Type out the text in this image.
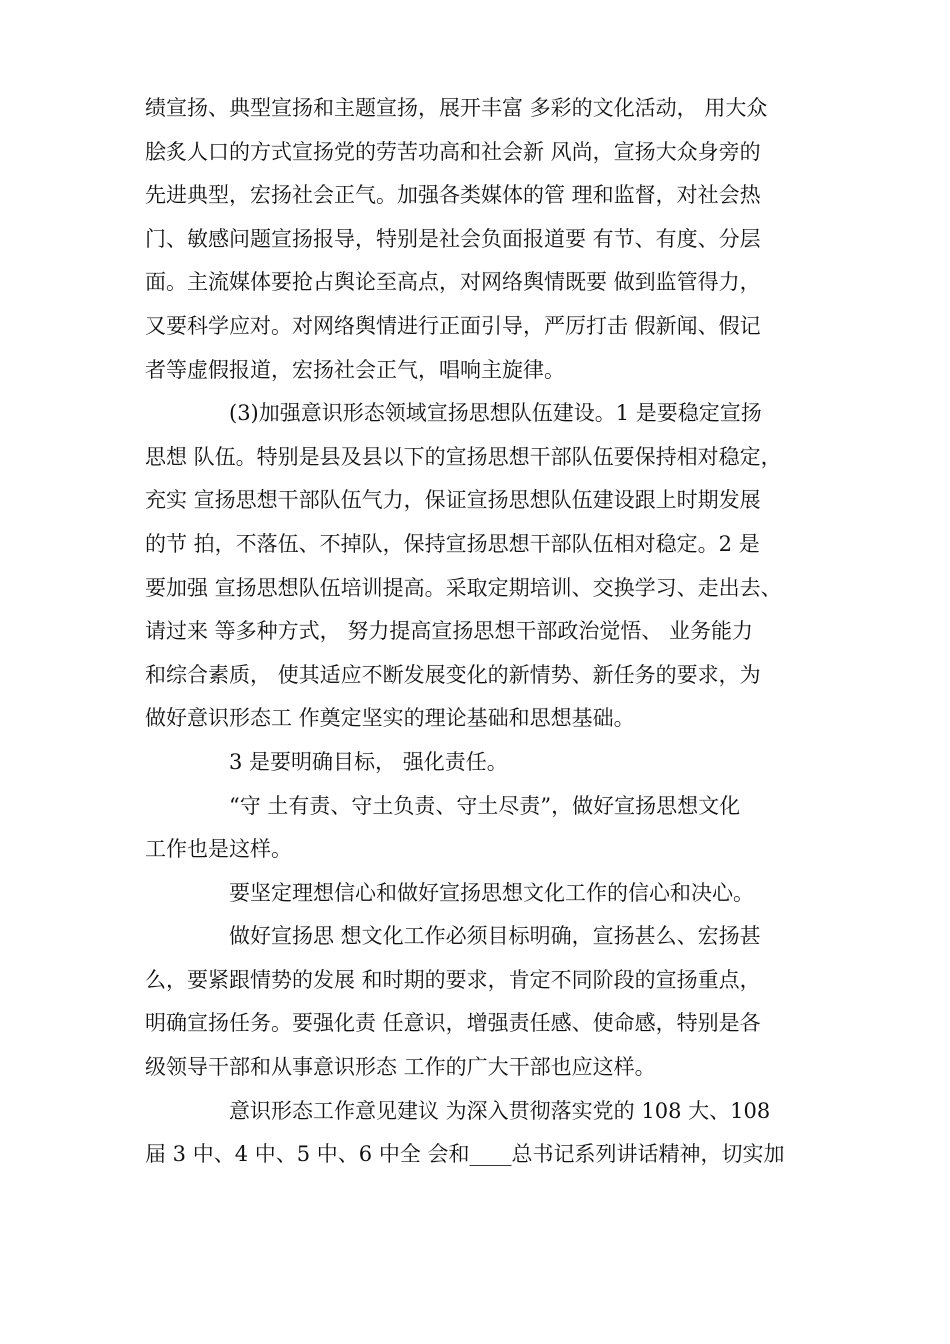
绩宣扬、典型宣扬和主题宣扬，展开丰富 多彩的文化活动， 用大众
脍炙人口的方式宣扬党的劳苦功高和社会新 风尚，宣扬大众身旁的
先进典型，宏扬社会正气。加强各类媒体的管 理和监督，对社会热
门、敏感问题宣扬报导，特别是社会负面报道要 有节、有度、分层
面。主流媒体要抢占舆论至高点，对网络舆情既要 做到监管得力，
又要科学应对。对网络舆情进行正面引导，严厉打击 假新闻、假记
者等虚假报道，宏扬社会正气，唱响主旋律。
(3)加强意识形态领域宣扬思想队伍建设。1 是要稳定宣扬
思想 队伍。特别是县及县以下的宣扬思想干部队伍要保持相对稳定，
充实 宣扬思想干部队伍气力，保证宣扬思想队伍建设跟上时期发展
的节 拍，不落伍、不掉队，保持宣扬思想干部队伍相对稳定。2 是
要加强 宣扬思想队伍培训提高。采取定期培训、交换学习、走出去、
请过来 等多种方式， 努力提高宣扬思想干部政治觉悟、 业务能力
和综合素质， 使其适应不断发展变化的新情势、新任务的要求，为
做好意识形态工 作奠定坚实的理论基础和思想基础。
3 是要明确目标， 强化责任。
“守 土有责、守土负责、守土尽责”，做好宣扬思想文化
工作也是这样。
要坚定理想信心和做好宣扬思想文化工作的信心和决心。
做好宣扬思 想文化工作必须目标明确，宣扬甚么、宏扬甚
么，要紧跟情势的发展 和时期的要求，肯定不同阶段的宣扬重点，
明确宣扬任务。要强化责 任意识，增强责任感、使命感，特别是各
级领导干部和从事意识形态 工作的广大干部也应这样。
意识形态工作意见建议 为深入贯彻落实党的 108 大、108
届 3 中、4 中、5 中、6 中全 会和____总书记系列讲话精神，切实加
